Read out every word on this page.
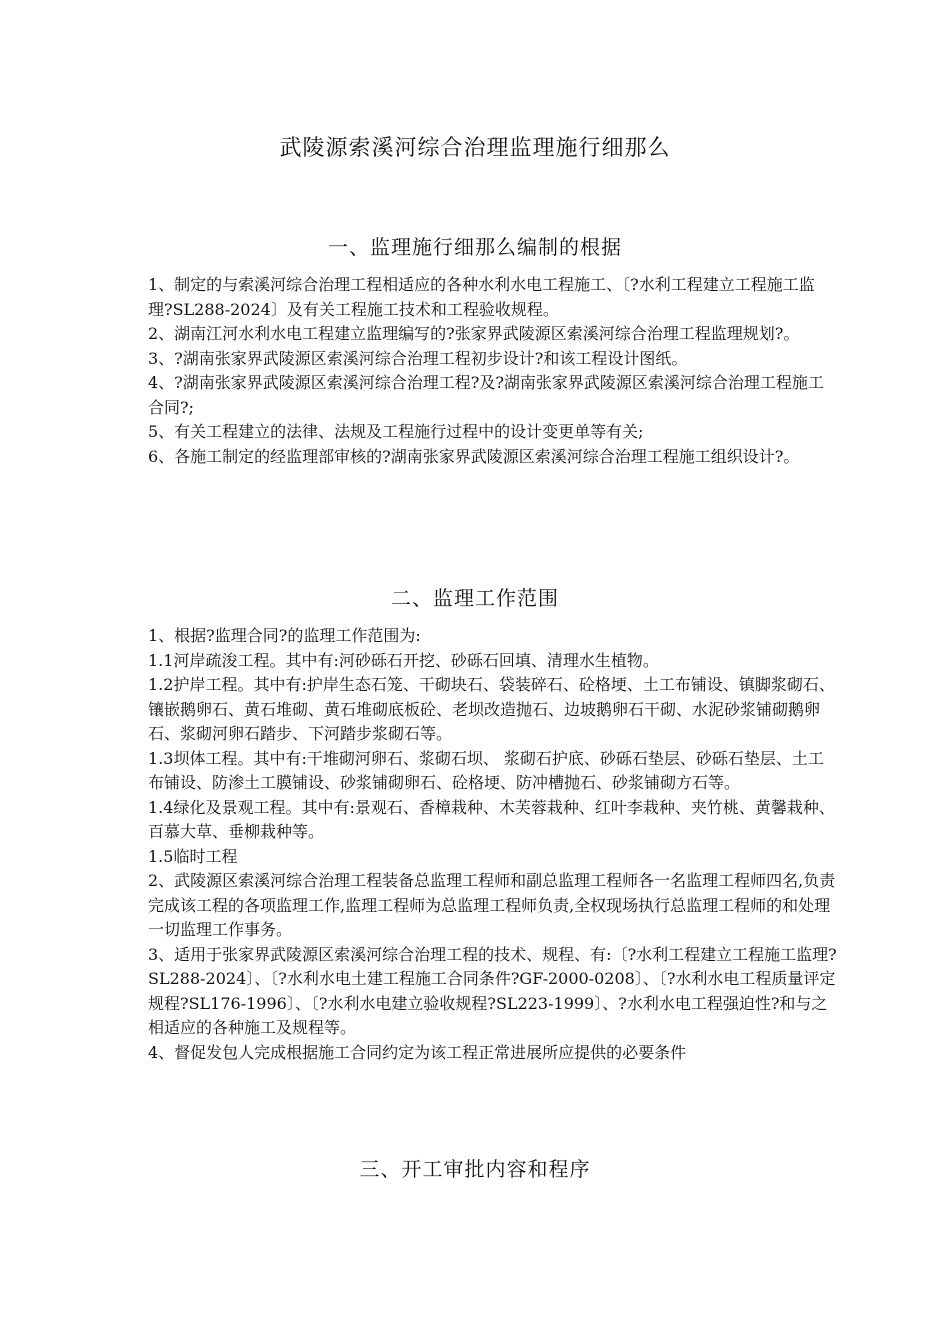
武陵源索溪河综合治理监理施行细那么
一、监理施行细那么编制的根据

1、制定的与索溪河综合治理工程相适应的各种水利水电工程施工、〔?水利工程建立工程施工监理?SL288-2024〕及有关工程施工技术和工程验收规程。

2、湖南江河水利水电工程建立监理编写的?张家界武陵源区索溪河综合治理工程监理规划?。

3、?湖南张家界武陵源区索溪河综合治理工程初步设计?和该工程设计图纸。

4、?湖南张家界武陵源区索溪河综合治理工程?及?湖南张家界武陵源区索溪河综合治理工程施工合同?;

5、有关工程建立的法律、法规及工程施行过程中的设计变更单等有关;

6、各施工制定的经监理部审核的?湖南张家界武陵源区索溪河综合治理工程施工组织设计?。

二、监理工作范围

1、根据?监理合同?的监理工作范围为:

1.1河岸疏浚工程。其中有:河砂砾石开挖、砂砾石回填、清理水生植物。

1.2护岸工程。其中有:护岸生态石笼、干砌块石、袋装碎石、砼格埂、土工布铺设、镇脚浆砌石、镶嵌鹅卵石、黄石堆砌、黄石堆砌底板砼、老坝改造抛石、边坡鹅卵石干砌、水泥砂浆铺砌鹅卵石、浆砌河卵石踏步、下河踏步浆砌石等。

1.3坝体工程。其中有:干堆砌河卵石、浆砌石坝、 浆砌石护底、砂砾石垫层、砂砾石垫层、土工布铺设、防渗土工膜铺设、砂浆铺砌卵石、砼格埂、防冲槽抛石、砂浆铺砌方石等。

1.4绿化及景观工程。其中有:景观石、香樟栽种、木芙蓉栽种、红叶李栽种、夹竹桃、黄馨栽种、百慕大草、垂柳栽种等。

1.5临时工程

2、武陵源区索溪河综合治理工程装备总监理工程师和副总监理工程师各一名监理工程师四名,负责完成该工程的各项监理工作,监理工程师为总监理工程师负责,全权现场执行总监理工程师的和处理一切监理工作事务。

3、适用于张家界武陵源区索溪河综合治理工程的技术、规程、有:〔?水利工程建立工程施工监理?SL288-2024〕、〔?水利水电土建工程施工合同条件?GF-2000-0208〕、〔?水利水电工程质量评定规程?SL176-1996〕、〔?水利水电建立验收规程?SL223-1999〕、?水利水电工程强迫性?和与之相适应的各种施工及规程等。

4、督促发包人完成根据施工合同约定为该工程正常进展所应提供的必要条件

三、开工审批内容和程序
